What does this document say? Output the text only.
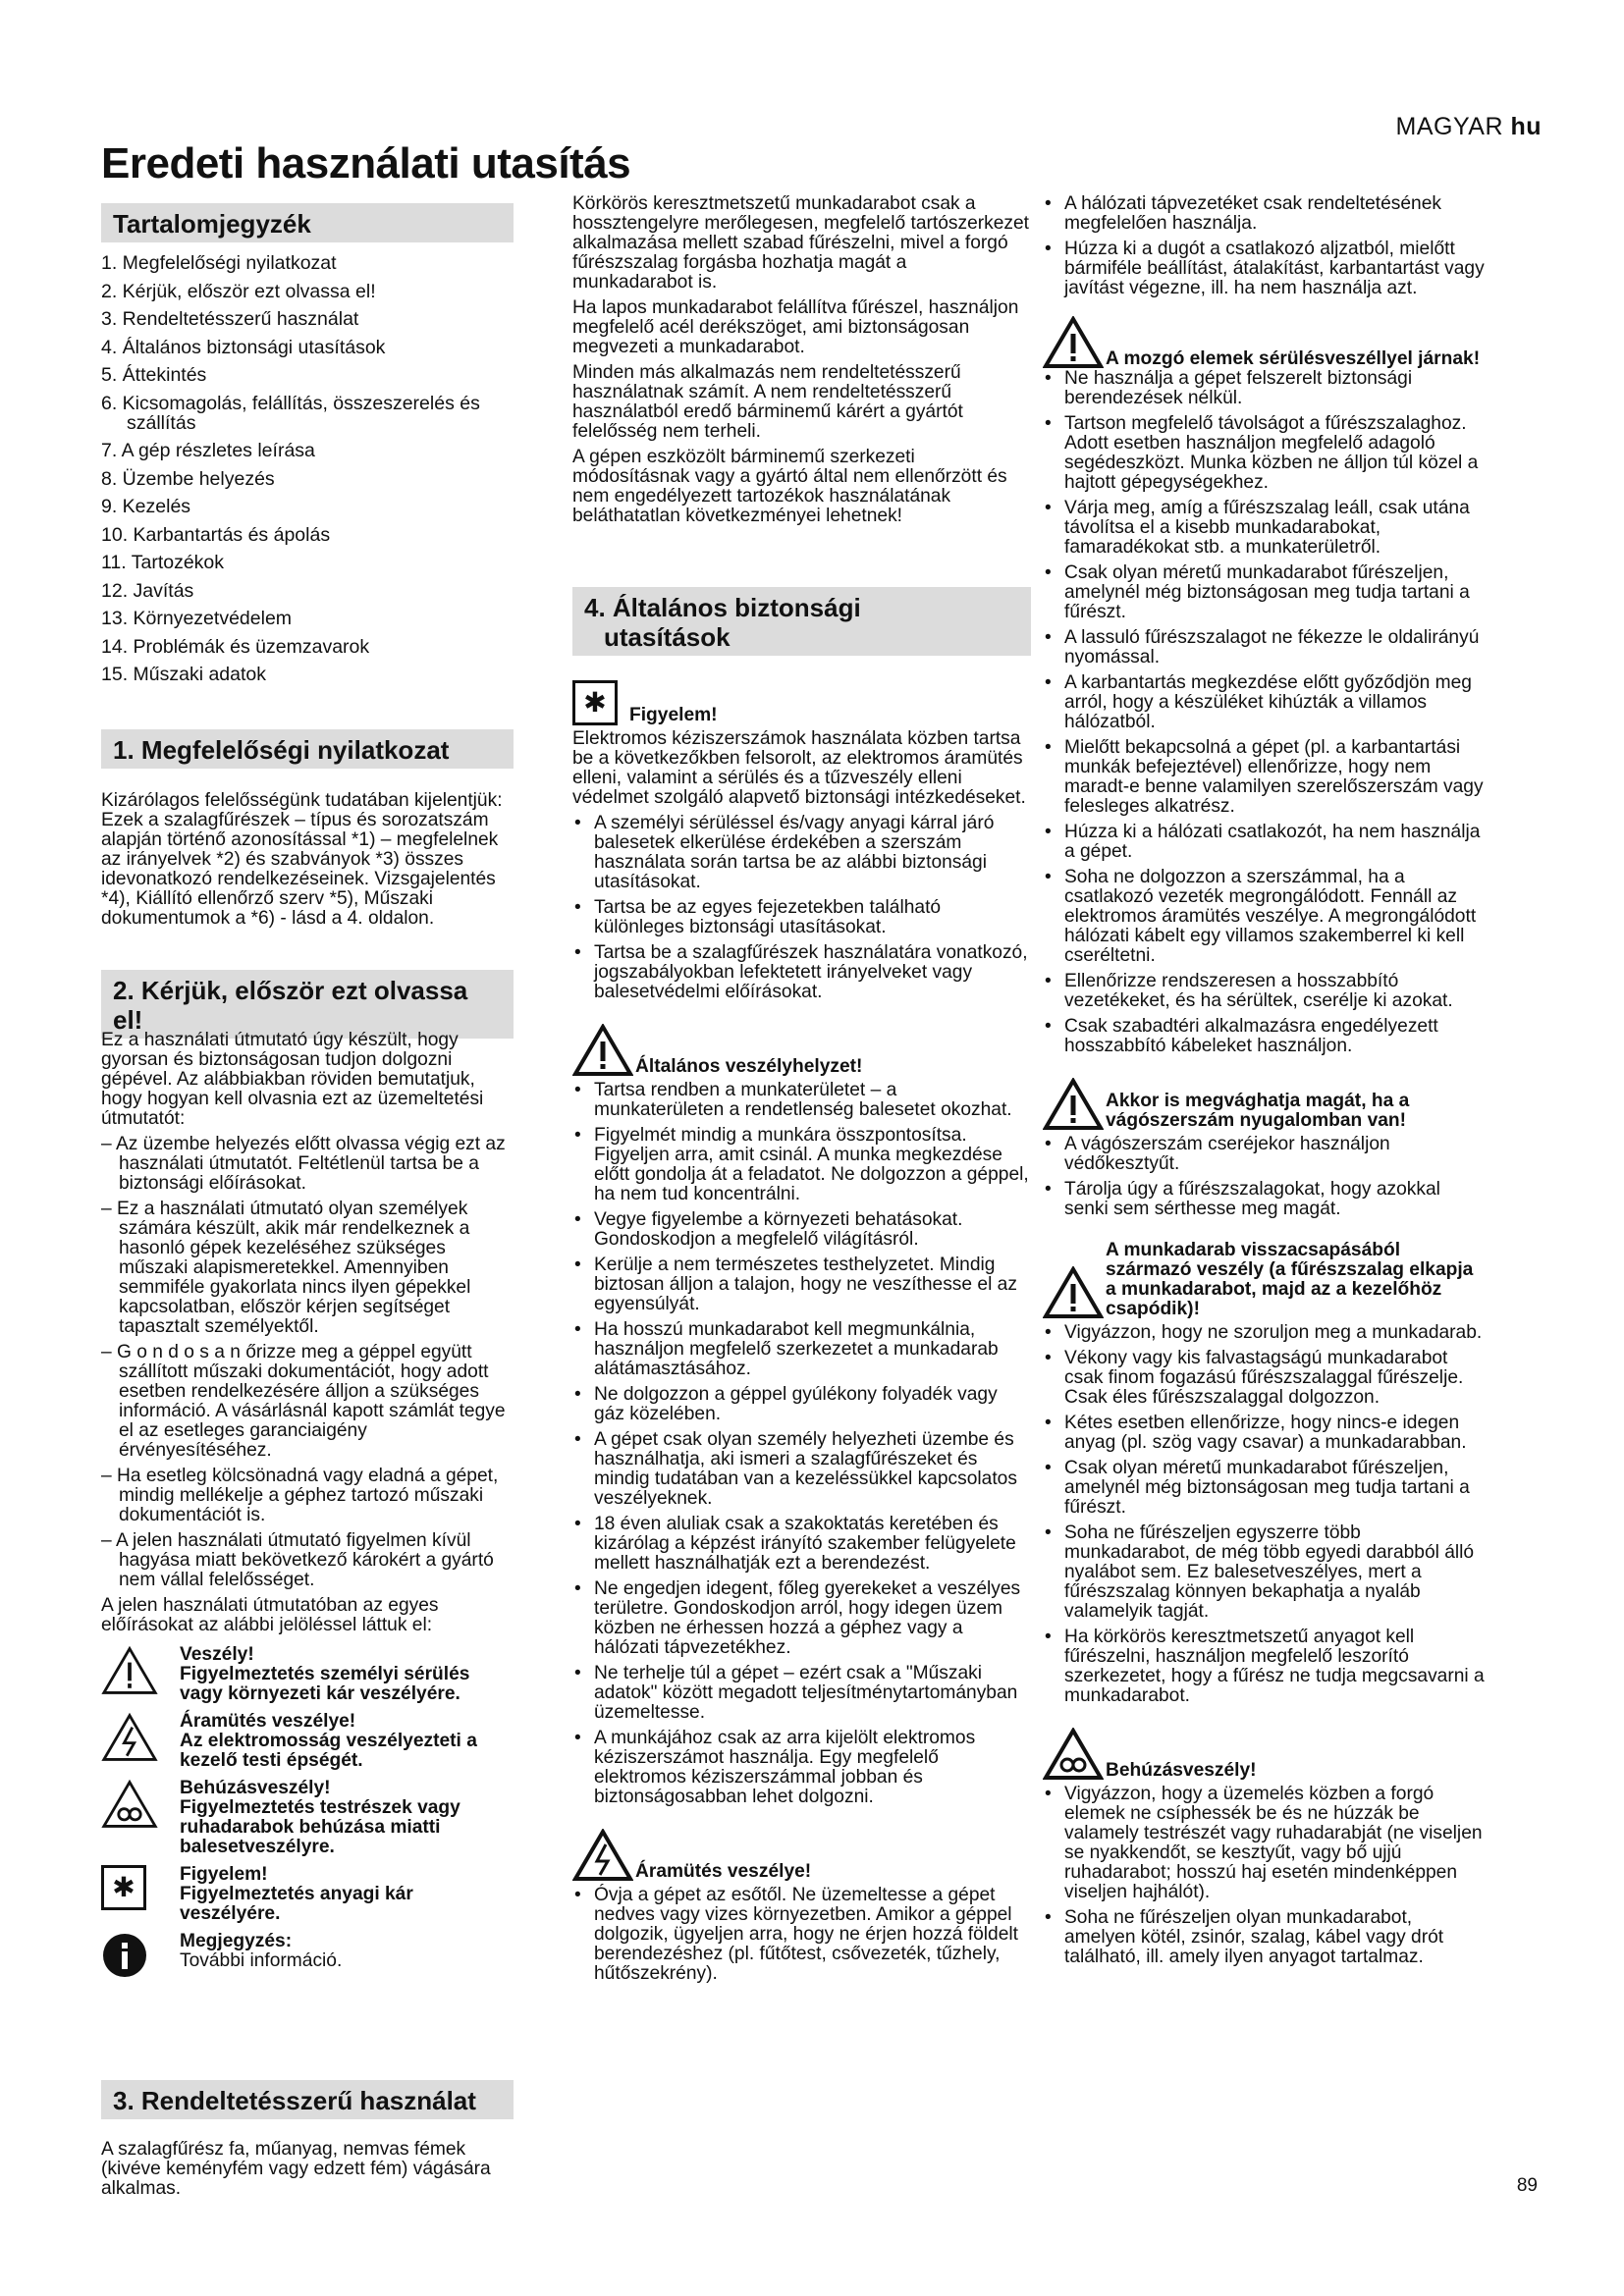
MAGYAR hu
Eredeti használati utasítás
Tartalomjegyzék
1. Megfelelőségi nyilatkozat
2. Kérjük, először ezt olvassa el!
3. Rendeltetésszerű használat
4. Általános biztonsági utasítások
5. Áttekintés
6. Kicsomagolás, felállítás, összeszerelés és szállítás
7. A gép részletes leírása
8. Üzembe helyezés
9. Kezelés
10. Karbantartás és ápolás
11. Tartozékok
12. Javítás
13. Környezetvédelem
14. Problémák és üzemzavarok
15. Műszaki adatok
1. Megfelelőségi nyilatkozat

Kizárólagos felelősségünk tudatában kijelentjük: Ezek a szalagfűrészek – típus és sorozatszám alapján történő azonosítással *1) – megfelelnek az irányelvek *2) és szabványok *3) összes idevonatkozó rendelkezéseinek. Vizsgajelentés *4), Kiállító ellenőrző szerv *5), Műszaki dokumentumok a *6) - lásd a 4. oldalon.

2. Kérjük, először ezt olvassa el!

Ez a használati útmutató úgy készült, hogy gyorsan és biztonságosan tudjon dolgozni gépével. Az alábbiakban röviden bemutatjuk, hogy hogyan kell olvasnia ezt az üzemeltetési útmutatót:

– Az üzembe helyezés előtt olvassa végig ezt az használati útmutatót. Feltétlenül tartsa be a biztonsági előírásokat.

– Ez a használati útmutató olyan személyek számára készült, akik már rendelkeznek a hasonló gépek kezeléséhez szükséges műszaki alapismeretekkel. Amennyiben semmiféle gyakorlata nincs ilyen gépekkel kapcsolatban, először kérjen segítséget tapasztalt személyektől.

– G o n d o s a n őrizze meg a géppel együtt szállított műszaki dokumentációt, hogy adott esetben rendelkezésére álljon a szükséges információ. A vásárlásnál kapott számlát tegye el az esetleges garanciaigény érvényesítéséhez.

– Ha esetleg kölcsönadná vagy eladná a gépet, mindig mellékelje a géphez tartozó műszaki dokumentációt is.

– A jelen használati útmutató figyelmen kívül hagyása miatt bekövetkező károkért a gyártó nem vállal felelősséget.

A jelen használati útmutatóban az egyes előírásokat az alábbi jelöléssel láttuk el:

Veszély!
Figyelmeztetés személyi sérülés vagy környezeti kár veszélyére.
Áramütés veszélye!
Az elektromosság veszélyezteti a kezelő testi épségét.
Behúzásveszély!
Figyelmeztetés testrészek vagy ruhadarabok behúzása miatti balesetveszélyre.
✱	Figyelem!
Figyelmeztetés anyagi kár veszélyére.
Megjegyzés:
További információ.
3. Rendeltetésszerű használat

A szalagfűrész fa, műanyag, nemvas fémek (kivéve keményfém vagy edzett fém) vágására alkalmas.

Körkörös keresztmetszetű munkadarabot csak a hossztengelyre merőlegesen, megfelelő tartószerkezet alkalmazása mellett szabad fűrészelni, mivel a forgó fűrészszalag forgásba hozhatja magát a munkadarabot is.

Ha lapos munkadarabot felállítva fűrészel, használjon megfelelő acél derékszöget, ami biztonságosan megvezeti a munkadarabot.

Minden más alkalmazás nem rendeltetésszerű használatnak számít. A nem rendeltetésszerű használatból eredő bárminemű kárért a gyártót felelősség nem terheli.

A gépen eszközölt bárminemű szerkezeti módosításnak vagy a gyártó által nem ellenőrzött és nem engedélyezett tartozékok használatának beláthatatlan következményei lehetnek!

4. Általános biztonsági
utasítások
✱	Figyelem!

Elektromos kéziszerszámok használata közben tartsa be a következőkben felsorolt, az elektromos áramütés elleni, valamint a sérülés és a tűzveszély elleni védelmet szolgáló alapvető biztonsági intézkedéseket.

• A személyi sérüléssel és/vagy anyagi kárral járó balesetek elkerülése érdekében a szerszám használata során tartsa be az alábbi biztonsági utasításokat.
• Tartsa be az egyes fejezetekben található különleges biztonsági utasításokat.
• Tartsa be a szalagfűrészek használatára vonatkozó, jogszabályokban lefektetett irányelveket vagy balesetvédelmi előírásokat.
Általános veszélyhelyzet!
• Tartsa rendben a munkaterületet – a munkaterületen a rendetlenség balesetet okozhat.
• Figyelmét mindig a munkára összpontosítsa. Figyeljen arra, amit csinál. A munka megkezdése előtt gondolja át a feladatot. Ne dolgozzon a géppel, ha nem tud koncentrálni.
• Vegye figyelembe a környezeti behatásokat. Gondoskodjon a megfelelő világításról.
• Kerülje a nem természetes testhelyzetet. Mindig biztosan álljon a talajon, hogy ne veszíthesse el az egyensúlyát.
• Ha hosszú munkadarabot kell megmunkálnia, használjon megfelelő szerkezetet a munkadarab alátámasztásához.
• Ne dolgozzon a géppel gyúlékony folyadék vagy gáz közelében.
• A gépet csak olyan személy helyezheti üzembe és használhatja, aki ismeri a szalagfűrészeket és mindig tudatában van a kezeléssükkel kapcsolatos veszélyeknek.
• 18 éven aluliak csak a szakoktatás keretében és kizárólag a képzést irányító szakember felügyelete mellett használhatják ezt a berendezést.
• Ne engedjen idegent, főleg gyerekeket a veszélyes területre. Gondoskodjon arról, hogy idegen üzem közben ne érhessen hozzá a géphez vagy a hálózati tápvezetékhez.
• Ne terhelje túl a gépet – ezért csak a "Műszaki adatok" között megadott teljesítménytartományban üzemeltesse.
• A munkájához csak az arra kijelölt elektromos kéziszerszámot használja. Egy megfelelő elektromos kéziszerszámmal jobban és biztonságosabban lehet dolgozni.
Áramütés veszélye!
• Óvja a gépet az esőtől. Ne üzemeltesse a gépet nedves vagy vizes környezetben. Amikor a géppel dolgozik, ügyeljen arra, hogy ne érjen hozzá földelt berendezéshez (pl. fűtőtest, csővezeték, tűzhely, hűtőszekrény).
• A hálózati tápvezetéket csak rendeltetésének megfelelően használja.
• Húzza ki a dugót a csatlakozó aljzatból, mielőtt bármiféle beállítást, átalakítást, karbantartást vagy javítást végezne, ill. ha nem használja azt.
A mozgó elemek sérülésveszéllyel járnak!
• Ne használja a gépet felszerelt biztonsági berendezések nélkül.
• Tartson megfelelő távolságot a fűrészszalaghoz. Adott esetben használjon megfelelő adagoló segédeszközt. Munka közben ne álljon túl közel a hajtott gépegységekhez.
• Várja meg, amíg a fűrészszalag leáll, csak utána távolítsa el a kisebb munkadarabokat, famaradékokat stb. a munkaterületről.
• Csak olyan méretű munkadarabot fűrészeljen, amelynél még biztonságosan meg tudja tartani a fűrészt.
• A lassuló fűrészszalagot ne fékezze le oldalirányú nyomással.
• A karbantartás megkezdése előtt győződjön meg arról, hogy a készüléket kihúzták a villamos hálózatból.
• Mielőtt bekapcsolná a gépet (pl. a karbantartási munkák befejeztével) ellenőrizze, hogy nem maradt-e benne valamilyen szerelőszerszám vagy felesleges alkatrész.
• Húzza ki a hálózati csatlakozót, ha nem használja a gépet.
• Soha ne dolgozzon a szerszámmal, ha a csatlakozó vezeték megrongálódott. Fennáll az elektromos áramütés veszélye. A megrongálódott hálózati kábelt egy villamos szakemberrel ki kell cseréltetni.
• Ellenőrizze rendszeresen a hosszabbító vezetékeket, és ha sérültek, cserélje ki azokat.
• Csak szabadtéri alkalmazásra engedélyezett hosszabbító kábeleket használjon.
Akkor is megvághatja magát, ha a vágószerszám nyugalomban van!
• A vágószerszám cseréjekor használjon védőkesztyűt.
• Tárolja úgy a fűrészszalagokat, hogy azokkal senki sem sérthesse meg magát.
A munkadarab visszacsapásából származó veszély (a fűrészszalag elkapja a munkadarabot, majd az a kezelőhöz csapódik)!
• Vigyázzon, hogy ne szoruljon meg a munkadarab.
• Vékony vagy kis falvastagságú munkadarabot csak finom fogazású fűrészszalaggal fűrészelje. Csak éles fűrészszalaggal dolgozzon.
• Kétes esetben ellenőrizze, hogy nincs-e idegen anyag (pl. szög vagy csavar) a munkadarabban.
• Csak olyan méretű munkadarabot fűrészeljen, amelynél még biztonságosan meg tudja tartani a fűrészt.
• Soha ne fűrészeljen egyszerre több munkadarabot, de még több egyedi darabból álló nyalábot sem. Ez balesetveszélyes, mert a fűrészszalag könnyen bekaphatja a nyaláb valamelyik tagját.
• Ha körkörös keresztmetszetű anyagot kell fűrészelni, használjon megfelelő leszorító szerkezetet, hogy a fűrész ne tudja megcsavarni a munkadarabot.
Behúzásveszély!
• Vigyázzon, hogy a üzemelés közben a forgó elemek ne csíphessék be és ne húzzák be valamely testrészét vagy ruhadarabját (ne viseljen se nyakkendőt, se kesztyűt, vagy bő ujjú ruhadarabot; hosszú haj esetén mindenképpen viseljen hajhálót).
• Soha ne fűrészeljen olyan munkadarabot, amelyen kötél, zsinór, szalag, kábel vagy drót található, ill. amely ilyen anyagot tartalmaz.
89
